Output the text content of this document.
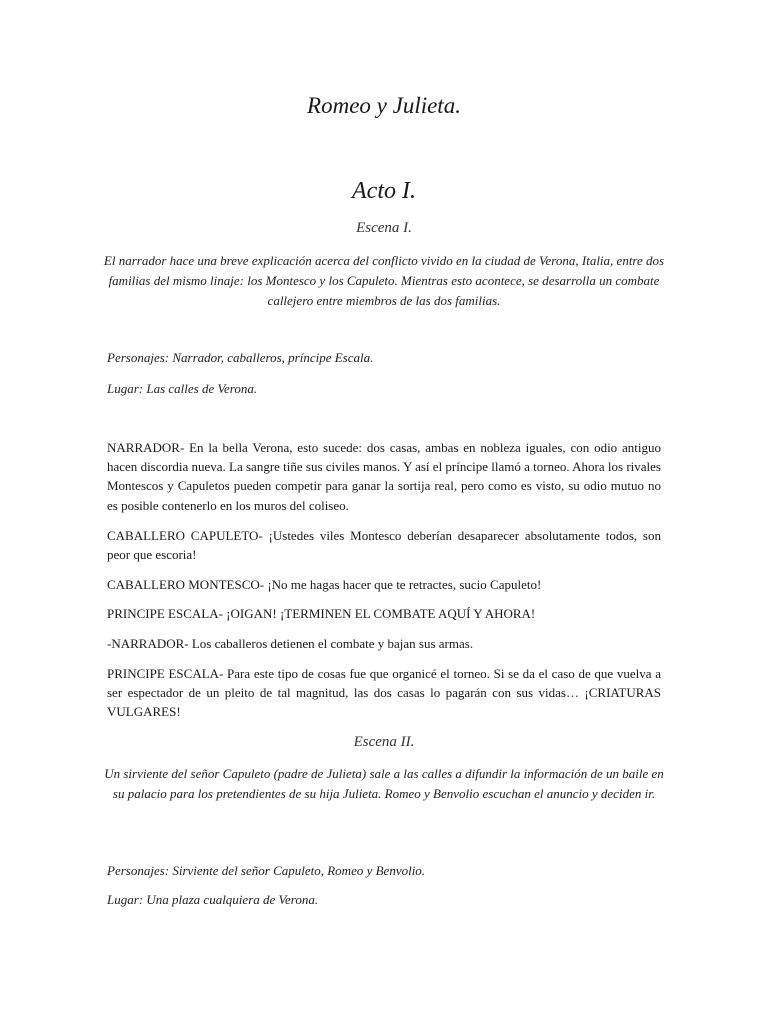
Romeo y Julieta.
Acto I.
Escena I.
El narrador hace una breve explicación acerca del conflicto vivido en la ciudad de Verona, Italia, entre dos familias del mismo linaje: los Montesco y los Capuleto. Mientras esto acontece, se desarrolla un combate callejero entre miembros de las dos familias.
Personajes: Narrador, caballeros, príncipe Escala.
Lugar: Las calles de Verona.
NARRADOR- En la bella Verona, esto sucede: dos casas, ambas en nobleza iguales, con odio antiguo hacen discordia nueva. La sangre tiñe sus civiles manos. Y así el príncipe llamó a torneo. Ahora los rivales Montescos y Capuletos pueden competir para ganar la sortija real, pero como es visto, su odio mutuo no es posible contenerlo en los muros del coliseo.
CABALLERO CAPULETO- ¡Ustedes viles Montesco deberían desaparecer absolutamente todos, son peor que escoria!
CABALLERO MONTESCO- ¡No me hagas hacer que te retractes, sucio Capuleto!
PRINCIPE ESCALA- ¡OIGAN! ¡TERMINEN EL COMBATE AQUÍ Y AHORA!
-NARRADOR- Los caballeros detienen el combate y bajan sus armas.
PRINCIPE ESCALA- Para este tipo de cosas fue que organicé el torneo. Si se da el caso de que vuelva a ser espectador de un pleito de tal magnitud, las dos casas lo pagarán con sus vidas… ¡CRIATURAS VULGARES!
Escena II.
Un sirviente del señor Capuleto (padre de Julieta) sale a las calles a difundir la información de un baile en su palacio para los pretendientes de su hija Julieta. Romeo y Benvolio escuchan el anuncio y deciden ir.
Personajes: Sirviente del señor Capuleto, Romeo y Benvolio.
Lugar: Una plaza cualquiera de Verona.
